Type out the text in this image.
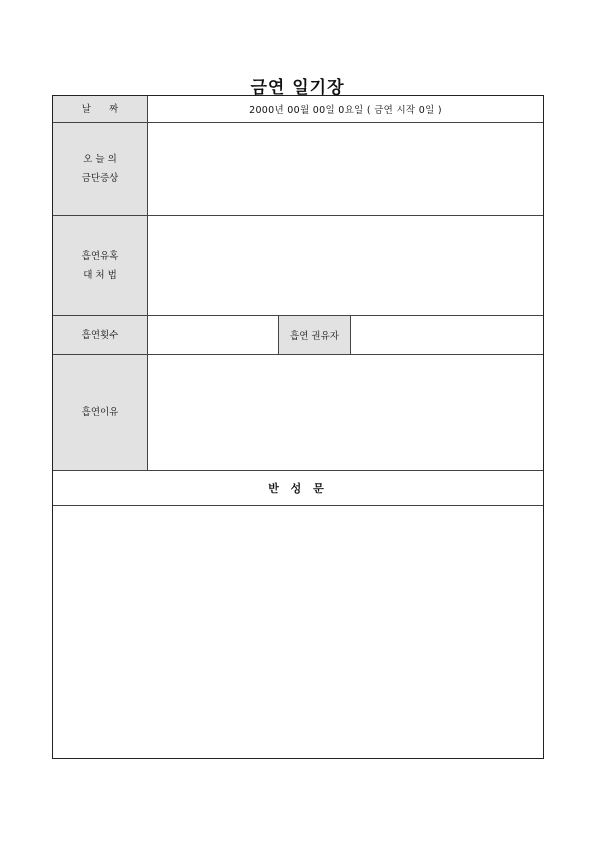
금연 일기장
날      짜	2000년 00월 00일 0요일 ( 금연 시작 0일 )
오 늘 의
금단증상
흡연유혹
대 처 법
흡연횟수	흡연 권유자
흡연이유
반 성 문
